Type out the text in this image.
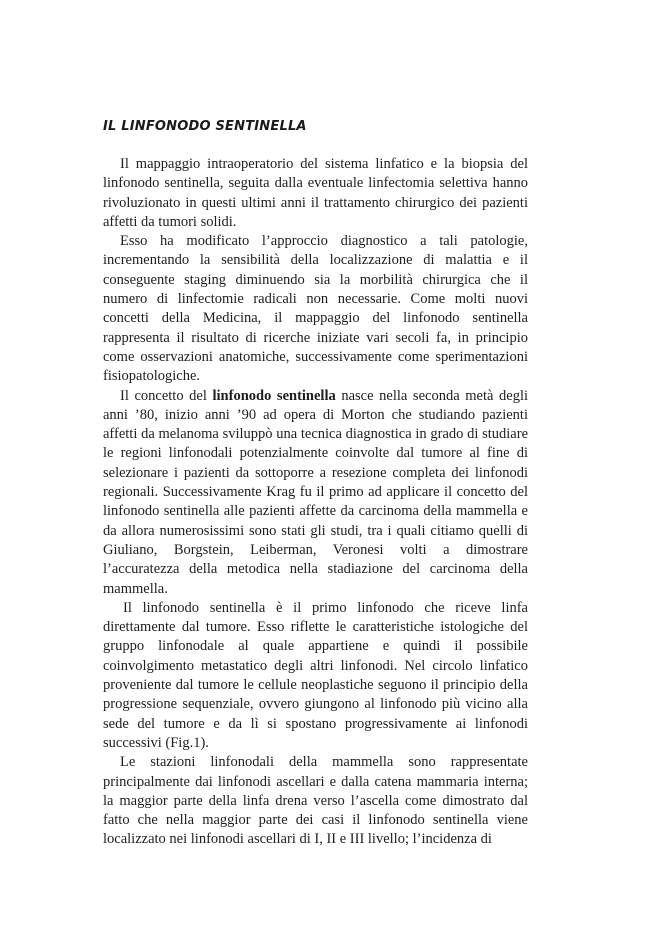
IL LINFONODO SENTINELLA

Il mappaggio intraoperatorio del sistema linfatico e la biopsia del linfonodo sentinella, seguita dalla eventuale linfectomia selettiva hanno rivoluzionato in questi ultimi anni il trattamento chirurgico dei pazienti affetti da tumori solidi.

Esso ha modificato l’approccio diagnostico a tali patologie, incrementando la sensibilità della localizzazione di malattia e il conseguente staging diminuendo sia la morbilità chirurgica che il numero di linfectomie radicali non necessarie. Come molti nuovi concetti della Medicina, il mappaggio del linfonodo sentinella rappresenta il risultato di ricerche iniziate vari secoli fa, in principio come osservazioni anatomiche, successivamente come sperimentazioni fisiopatologiche.

Il concetto del linfonodo sentinella nasce nella seconda metà degli anni ’80, inizio anni ’90 ad opera di Morton che studiando pazienti affetti da melanoma sviluppò una tecnica diagnostica in grado di studiare le regioni linfonodali potenzialmente coinvolte dal tumore al fine di selezionare i pazienti da sottoporre a resezione completa dei linfonodi regionali. Successivamente Krag fu il primo ad applicare il concetto del linfonodo sentinella alle pazienti affette da carcinoma della mammella e da allora numerosissimi sono stati gli studi, tra i quali citiamo quelli di Giuliano, Borgstein, Leiberman, Veronesi volti a dimostrare l’accuratezza della metodica nella stadiazione del carcinoma della mammella.

Il linfonodo sentinella è il primo linfonodo che riceve linfa direttamente dal tumore. Esso riflette le caratteristiche istologiche del gruppo linfonodale al quale appartiene e quindi il possibile coinvolgimento metastatico degli altri linfonodi. Nel circolo linfatico proveniente dal tumore le cellule neoplastiche seguono il principio della progressione sequenziale, ovvero giungono al linfonodo più vicino alla sede del tumore e da lì si spostano progressivamente ai linfonodi successivi (Fig.1).

Le stazioni linfonodali della mammella sono rappresentate principalmente dai linfonodi ascellari e dalla catena mammaria interna; la maggior parte della linfa drena verso l’ascella come dimostrato dal fatto che nella maggior parte dei casi il linfonodo sentinella viene localizzato nei linfonodi ascellari di I, II e III livello; l’incidenza di
